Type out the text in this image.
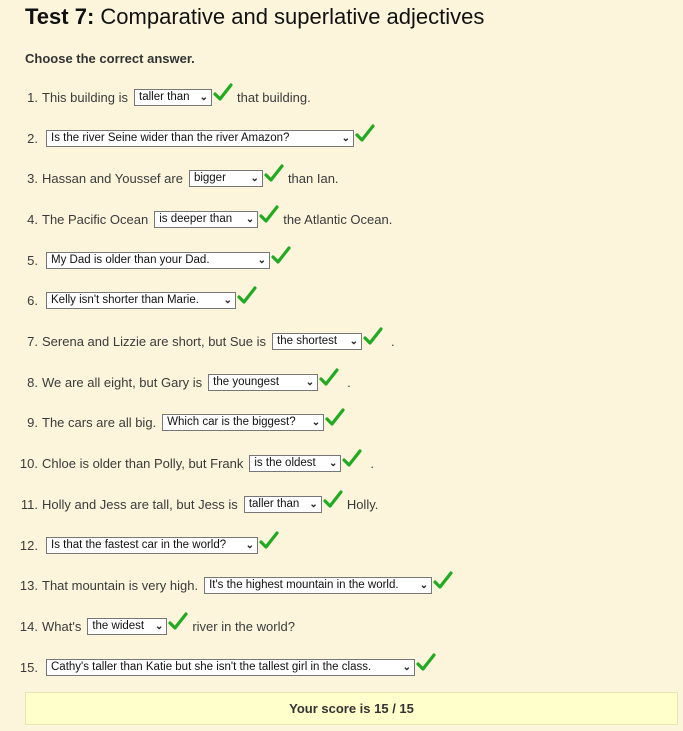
Test 7: Comparative and superlative adjectives
Choose the correct answer.
1. This building is taller than ⌄ that building.
2. Is the river Seine wider than the river Amazon?	⌄
3. Hassan and Youssef are bigger ⌄ than Ian.
4. The Pacific Ocean is deeper than ⌄ the Atlantic Ocean.
5. My Dad is older than your Dad.	⌄
6. Kelly isn't shorter than Marie. ⌄
7. Serena and Lizzie are short, but Sue is the shortest ⌄	.
8. We are all eight, but Gary is the youngest	⌄	.
9. The cars are all big. Which car is the biggest? ⌄
10. Chloe is older than Polly, but Frank is the oldest ⌄	.
11. Holly and Jess are tall, but Jess is taller than ⌄ Holly.
12. Is that the fastest car in the world? ⌄
13. That mountain is very high. It's the highest mountain in the world. ⌄
14. What's the widest ⌄ river in the world?
15. Cathy's taller than Katie but she isn't the tallest girl in the class.	⌄
Your score is 15 / 15
